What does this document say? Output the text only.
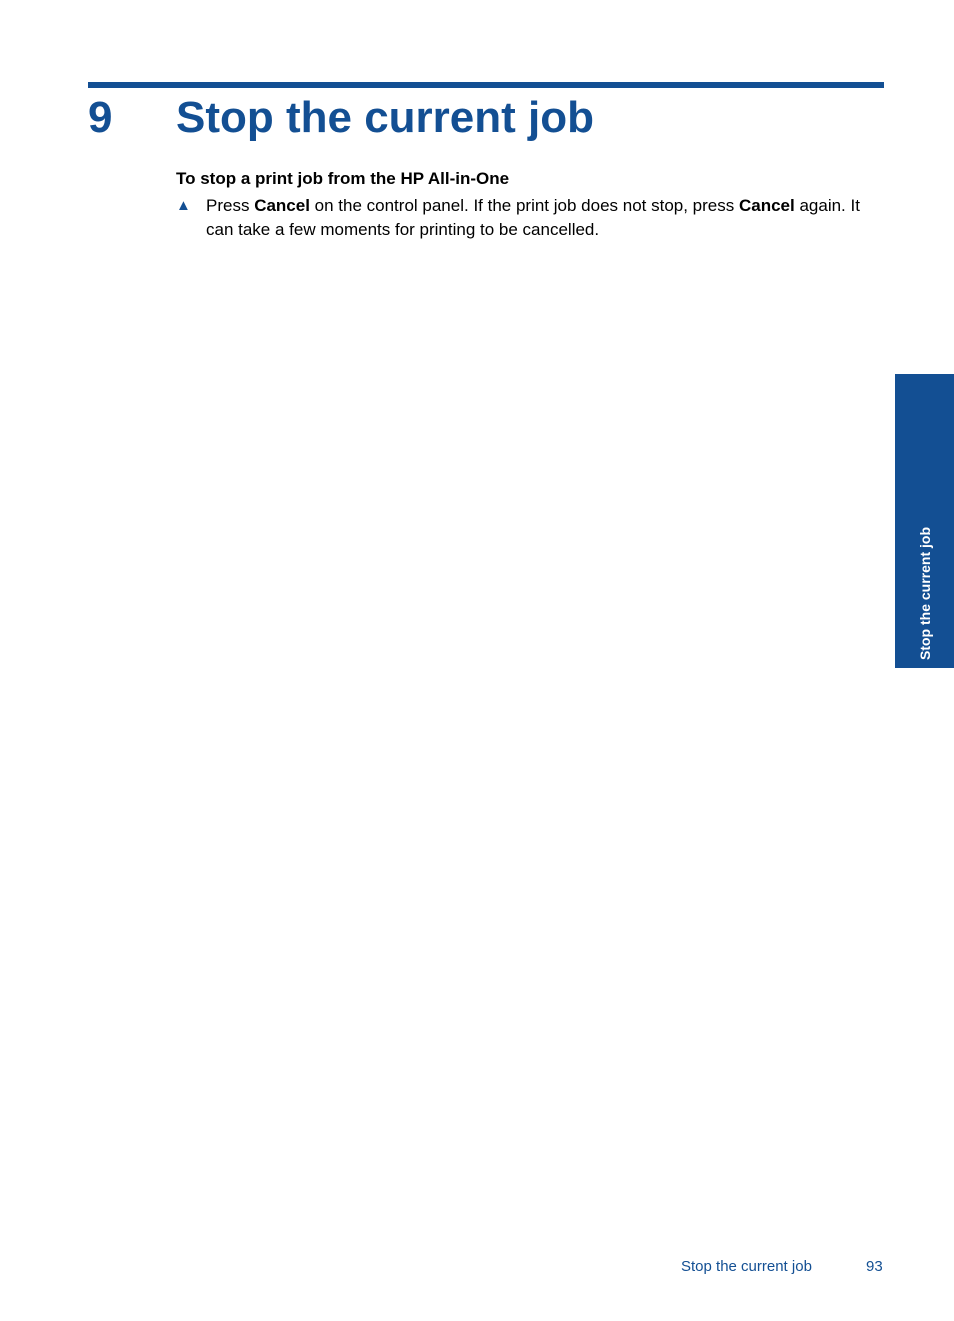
9 Stop the current job
To stop a print job from the HP All-in-One
▲ Press Cancel on the control panel. If the print job does not stop, press Cancel again. It can take a few moments for printing to be cancelled.
Stop the current job
Stop the current job	93
